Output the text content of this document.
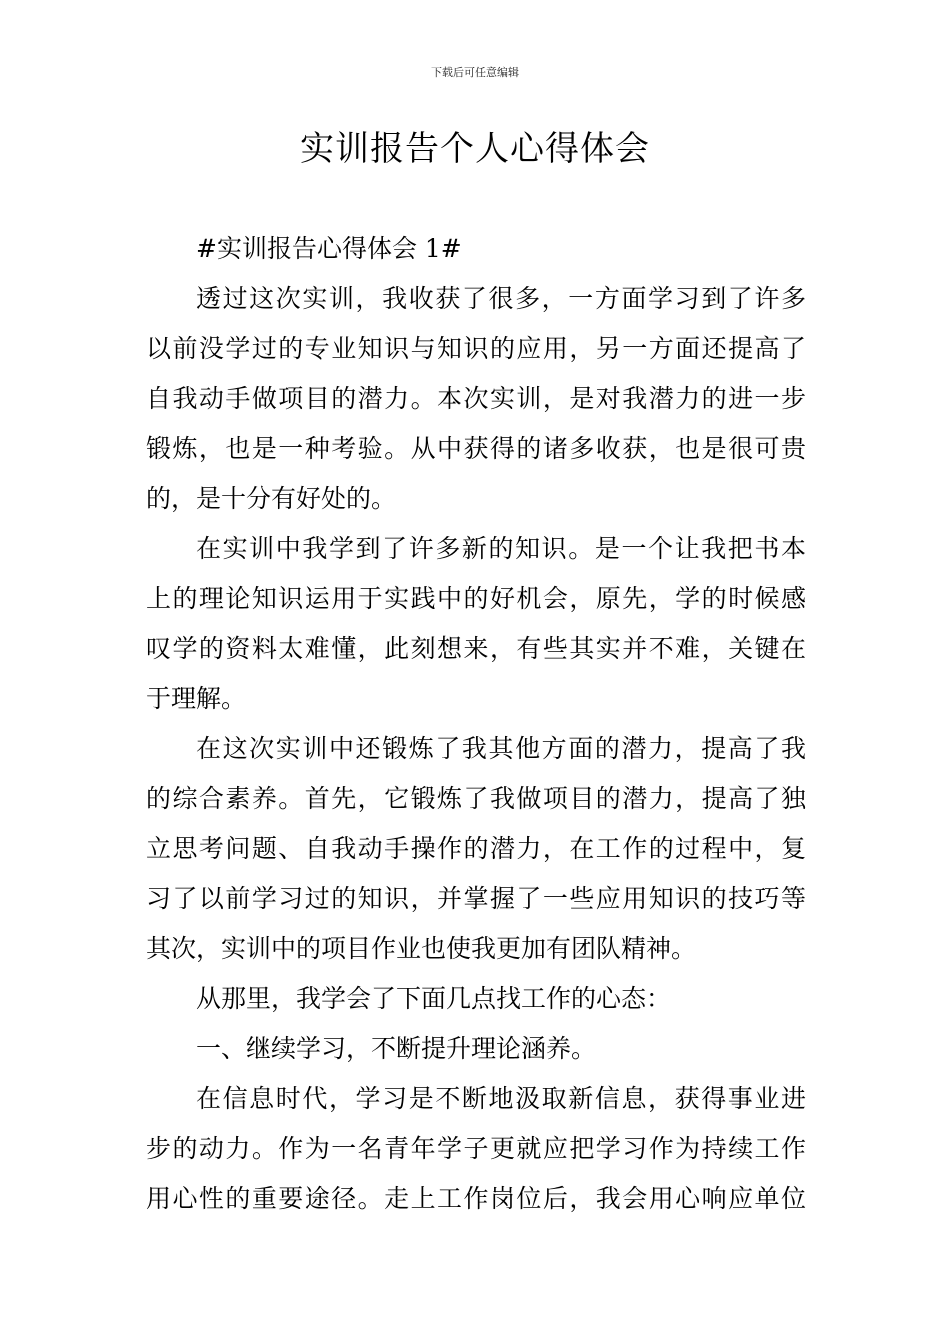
下载后可任意编辑
实训报告个人心得体会
#实训报告心得体会 1#
透过这次实训，我收获了很多，一方面学习到了许多
以前没学过的专业知识与知识的应用，另一方面还提高了
自我动手做项目的潜力。本次实训，是对我潜力的进一步
锻炼，也是一种考验。从中获得的诸多收获，也是很可贵
的，是十分有好处的。
在实训中我学到了许多新的知识。是一个让我把书本
上的理论知识运用于实践中的好机会，原先，学的时候感
叹学的资料太难懂，此刻想来，有些其实并不难，关键在
于理解。
在这次实训中还锻炼了我其他方面的潜力，提高了我
的综合素养。首先，它锻炼了我做项目的潜力，提高了独
立思考问题、自我动手操作的潜力，在工作的过程中，复
习了以前学习过的知识，并掌握了一些应用知识的技巧等
其次，实训中的项目作业也使我更加有团队精神。
从那里，我学会了下面几点找工作的心态：
一、继续学习，不断提升理论涵养。
在信息时代，学习是不断地汲取新信息，获得事业进
步的动力。作为一名青年学子更就应把学习作为持续工作
用心性的重要途径。走上工作岗位后，我会用心响应单位
